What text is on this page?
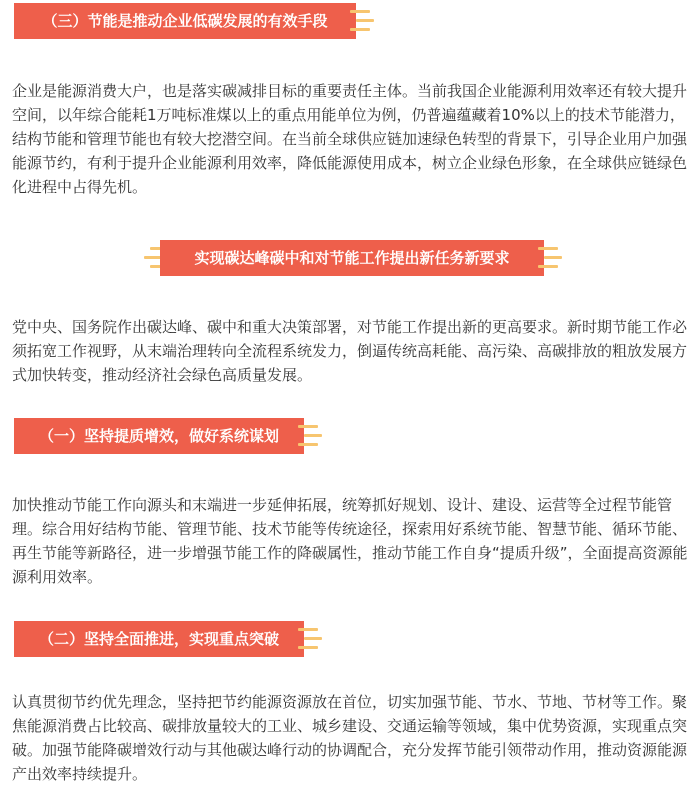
（三）节能是推动企业低碳发展的有效手段

企业是能源消费大户，也是落实碳减排目标的重要责任主体。当前我国企业能源利用效率还有较大提升空间，以年综合能耗1万吨标准煤以上的重点用能单位为例，仍普遍蕴藏着10%以上的技术节能潜力，结构节能和管理节能也有较大挖潜空间。在当前全球供应链加速绿色转型的背景下，引导企业用户加强能源节约，有利于提升企业能源利用效率，降低能源使用成本，树立企业绿色形象，在全球供应链绿色化进程中占得先机。

实现碳达峰碳中和对节能工作提出新任务新要求

党中央、国务院作出碳达峰、碳中和重大决策部署，对节能工作提出新的更高要求。新时期节能工作必须拓宽工作视野，从末端治理转向全流程系统发力，倒逼传统高耗能、高污染、高碳排放的粗放发展方式加快转变，推动经济社会绿色高质量发展。

（一）坚持提质增效，做好系统谋划

加快推动节能工作向源头和末端进一步延伸拓展，统筹抓好规划、设计、建设、运营等全过程节能管理。综合用好结构节能、管理节能、技术节能等传统途径，探索用好系统节能、智慧节能、循环节能、再生节能等新路径，进一步增强节能工作的降碳属性，推动节能工作自身“提质升级”，全面提高资源能源利用效率。

（二）坚持全面推进，实现重点突破

认真贯彻节约优先理念，坚持把节约能源资源放在首位，切实加强节能、节水、节地、节材等工作。聚焦能源消费占比较高、碳排放量较大的工业、城乡建设、交通运输等领域，集中优势资源，实现重点突破。加强节能降碳增效行动与其他碳达峰行动的协调配合，充分发挥节能引领带动作用，推动资源能源产出效率持续提升。
